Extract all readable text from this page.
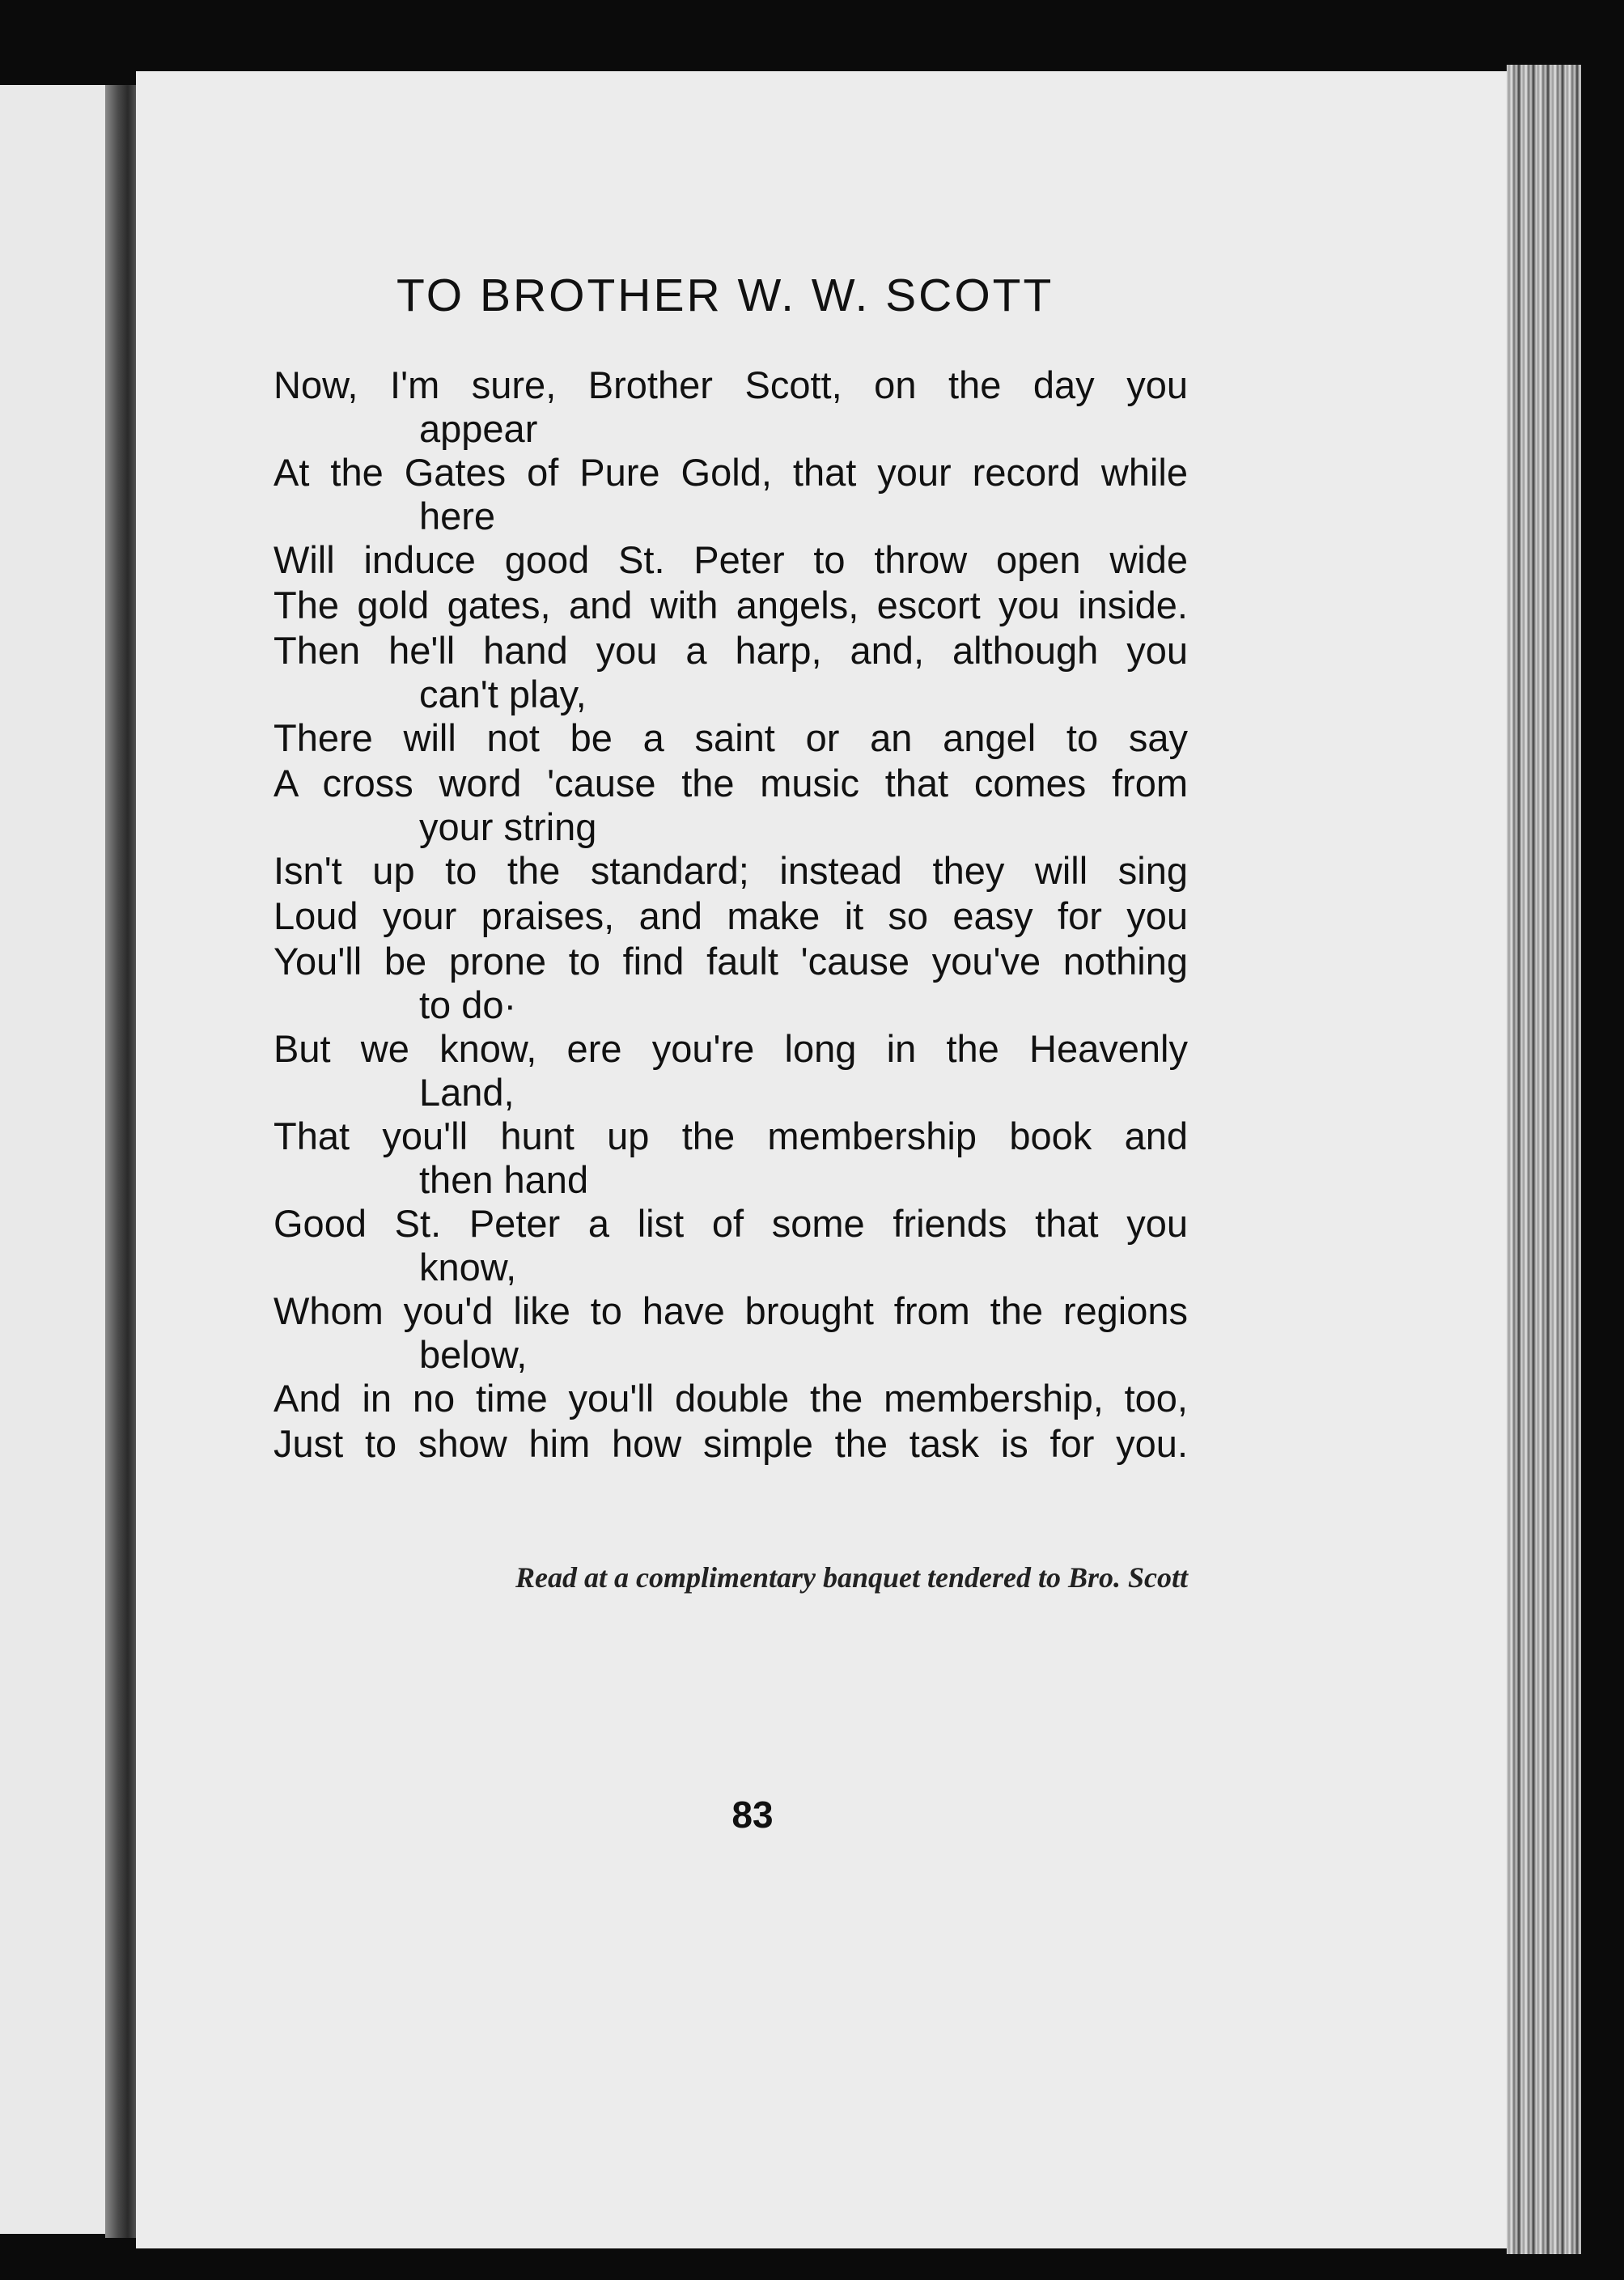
TO BROTHER W. W. SCOTT
Now, I'm sure, Brother Scott, on the day you
appear
At the Gates of Pure Gold, that your record while
here
Will induce good St. Peter to throw open wide
The gold gates, and with angels, escort you inside.
Then he'll hand you a harp, and, although you
can't play,
There will not be a saint or an angel to say
A cross word 'cause the music that comes from
your string
Isn't up to the standard; instead they will sing
Loud your praises, and make it so easy for you
You'll be prone to find fault 'cause you've nothing
to do·
But we know, ere you're long in the Heavenly
Land,
That you'll hunt up the membership book and
then hand
Good St. Peter a list of some friends that you
know,
Whom you'd like to have brought from the regions
below,
And in no time you'll double the membership, too,
Just to show him how simple the task is for you.
Read at a complimentary banquet tendered to Bro. Scott
83
